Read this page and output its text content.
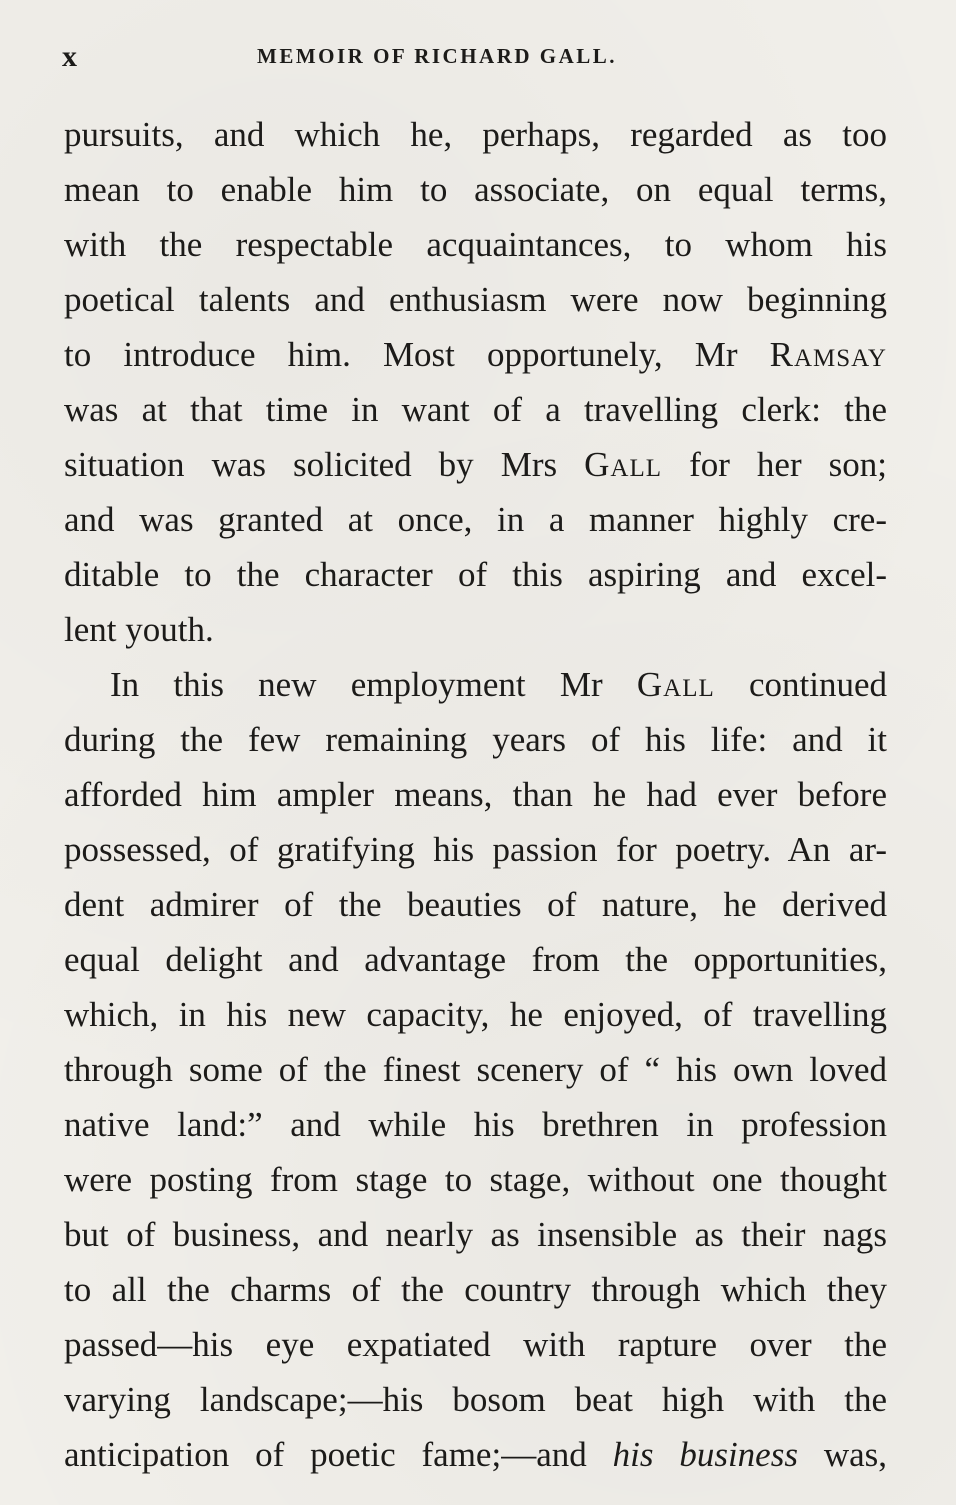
x	MEMOIR OF RICHARD GALL.
pursuits, and which he, perhaps, regarded as too
mean to enable him to associate, on equal terms,
with the respectable acquaintances, to whom his
poetical talents and enthusiasm were now beginning
to introduce him. Most opportunely, Mr Ramsay
was at that time in want of a travelling clerk: the
situation was solicited by Mrs Gall for her son;
and was granted at once, in a manner highly cre-
ditable to the character of this aspiring and excel-
lent youth.
In this new employment Mr Gall continued
during the few remaining years of his life: and it
afforded him ampler means, than he had ever before
possessed, of gratifying his passion for poetry. An ar-
dent admirer of the beauties of nature, he derived
equal delight and advantage from the opportunities,
which, in his new capacity, he enjoyed, of travelling
through some of the finest scenery of “ his own loved
native land:” and while his brethren in profession
were posting from stage to stage, without one thought
but of business, and nearly as insensible as their nags
to all the charms of the country through which they
passed—his eye expatiated with rapture over the
varying landscape;—his bosom beat high with the
anticipation of poetic fame;—and his business was,
